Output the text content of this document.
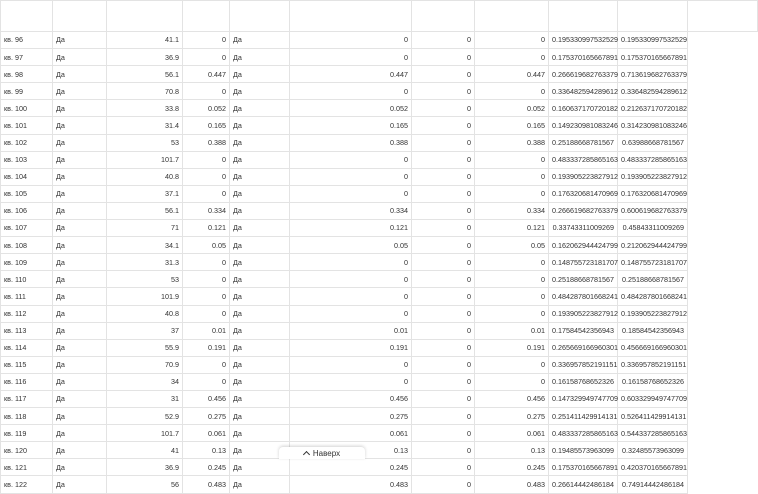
кв. 96	Да	41.1	0	Да	0	0	0	0.195330997532529	0.195330997532529	
кв. 97	Да	36.9	0	Да	0	0	0	0.175370165667891	0.175370165667891	
кв. 98	Да	56.1	0.447	Да	0.447	0	0.447	0.266619682763379	0.713619682763379	
кв. 99	Да	70.8	0	Да	0	0	0	0.336482594289612	0.336482594289612	
кв. 100	Да	33.8	0.052	Да	0.052	0	0.052	0.160637170720182	0.212637170720182	
кв. 101	Да	31.4	0.165	Да	0.165	0	0.165	0.149230981083246	0.314230981083246	
кв. 102	Да	53	0.388	Да	0.388	0	0.388	0.25188668781567	0.63988668781567	
кв. 103	Да	101.7	0	Да	0	0	0	0.483337285865163	0.483337285865163	
кв. 104	Да	40.8	0	Да	0	0	0	0.193905223827912	0.193905223827912	
кв. 105	Да	37.1	0	Да	0	0	0	0.176320681470969	0.176320681470969	
кв. 106	Да	56.1	0.334	Да	0.334	0	0.334	0.266619682763379	0.600619682763379	
кв. 107	Да	71	0.121	Да	0.121	0	0.121	0.33743311009269	0.45843311009269	
кв. 108	Да	34.1	0.05	Да	0.05	0	0.05	0.162062944424799	0.212062944424799	
кв. 109	Да	31.3	0	Да	0	0	0	0.148755723181707	0.148755723181707	
кв. 110	Да	53	0	Да	0	0	0	0.25188668781567	0.25188668781567	
кв. 111	Да	101.9	0	Да	0	0	0	0.484287801668241	0.484287801668241	
кв. 112	Да	40.8	0	Да	0	0	0	0.193905223827912	0.193905223827912	
кв. 113	Да	37	0.01	Да	0.01	0	0.01	0.17584542356943	0.18584542356943	
кв. 114	Да	55.9	0.191	Да	0.191	0	0.191	0.265669166960301	0.456669166960301	
кв. 115	Да	70.9	0	Да	0	0	0	0.336957852191151	0.336957852191151	
кв. 116	Да	34	0	Да	0	0	0	0.16158768652326	0.16158768652326	
кв. 117	Да	31	0.456	Да	0.456	0	0.456	0.147329949747709	0.603329949747709	
кв. 118	Да	52.9	0.275	Да	0.275	0	0.275	0.251411429914131	0.526411429914131	
кв. 119	Да	101.7	0.061	Да	0.061	0	0.061	0.483337285865163	0.544337285865163	
кв. 120	Да	41	0.13	Да	0.13	0	0.13	0.19485573963099	0.32485573963099	
кв. 121	Да	36.9	0.245	Да	0.245	0	0.245	0.175370165667891	0.420370165667891	
кв. 122	Да	56	0.483	Да	0.483	0	0.483	0.26614442486184	0.74914442486184	
Наверх
